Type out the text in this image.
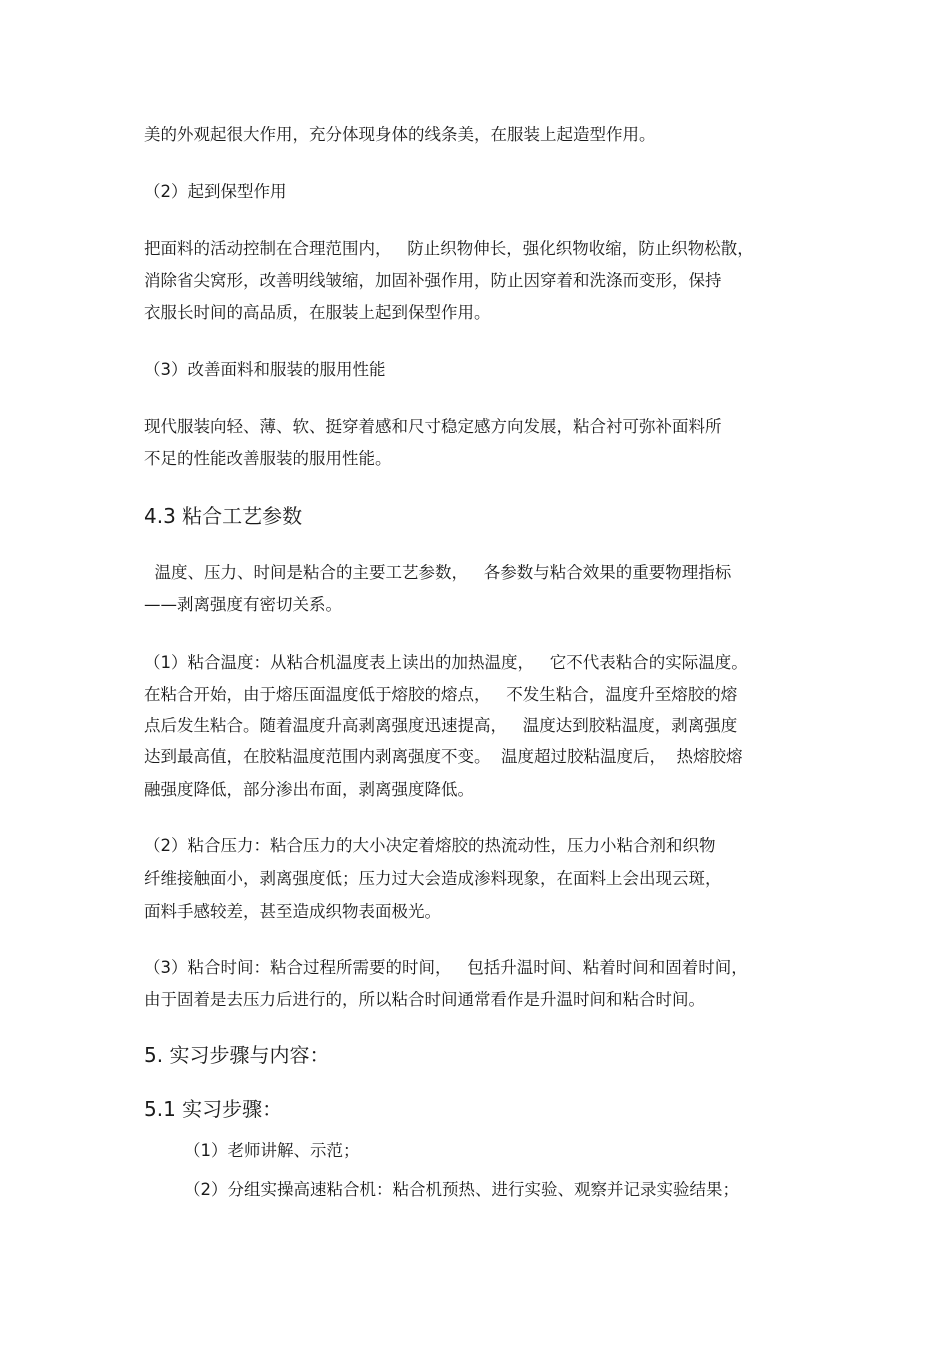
美的外观起很大作用，充分体现身体的线条美，在服装上起造型作用。

（2）起到保型作用

把面料的活动控制在合理范围内，   防止织物伸长，强化织物收缩，防止织物松散，

消除省尖窝形，改善明线皱缩，加固补强作用，防止因穿着和洗涤而变形，保持

衣服长时间的高品质，在服装上起到保型作用。

（3）改善面料和服装的服用性能

现代服装向轻、薄、软、挺穿着感和尺寸稳定感方向发展，粘合衬可弥补面料所

不足的性能改善服装的服用性能。

4.3 粘合工艺参数

温度、压力、时间是粘合的主要工艺参数，   各参数与粘合效果的重要物理指标

——剥离强度有密切关系。

（1）粘合温度：从粘合机温度表上读出的加热温度，   它不代表粘合的实际温度。

在粘合开始，由于熔压面温度低于熔胶的熔点，   不发生粘合，温度升至熔胶的熔

点后发生粘合。随着温度升高剥离强度迅速提高，   温度达到胶粘温度，剥离强度

达到最高值，在胶粘温度范围内剥离强度不变。  温度超过胶粘温度后，  热熔胶熔

融强度降低，部分渗出布面，剥离强度降低。

（2）粘合压力：粘合压力的大小决定着熔胶的热流动性，压力小粘合剂和织物

纤维接触面小，剥离强度低；压力过大会造成渗料现象，在面料上会出现云斑，

面料手感较差，甚至造成织物表面极光。

（3）粘合时间：粘合过程所需要的时间，   包括升温时间、粘着时间和固着时间，

由于固着是去压力后进行的，所以粘合时间通常看作是升温时间和粘合时间。

5. 实习步骤与内容：
5.1 实习步骤：

（1）老师讲解、示范；

（2）分组实操高速粘合机：粘合机预热、进行实验、观察并记录实验结果；
